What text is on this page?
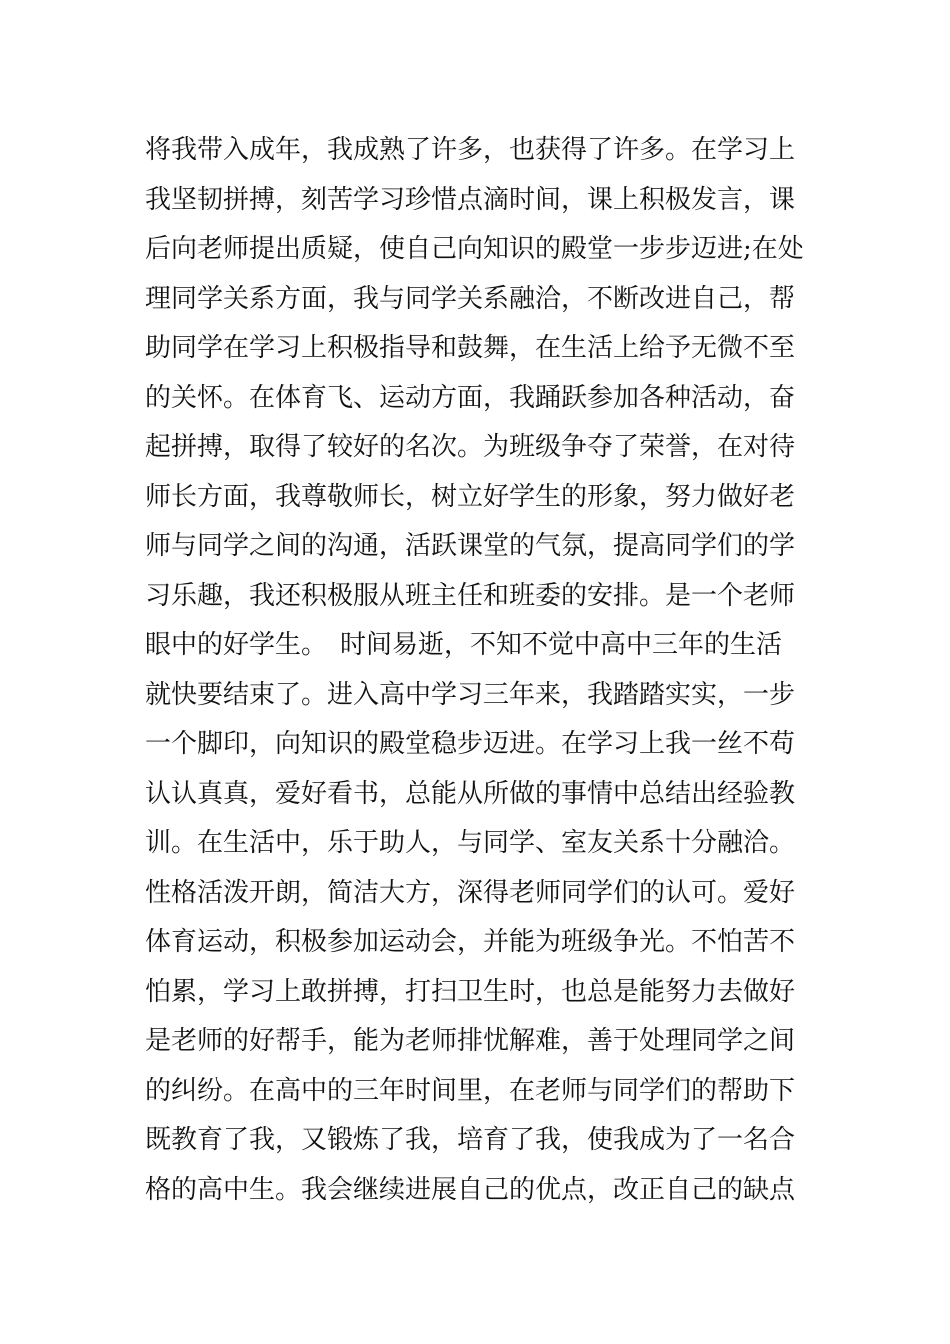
将我带入成年，我成熟了许多，也获得了许多。在学习上
我坚韧拼搏，刻苦学习珍惜点滴时间，课上积极发言，课
后向老师提出质疑，使自己向知识的殿堂一步步迈进;在处
理同学关系方面，我与同学关系融洽，不断改进自己，帮
助同学在学习上积极指导和鼓舞，在生活上给予无微不至
的关怀。在体育飞、运动方面，我踊跃参加各种活动，奋
起拼搏，取得了较好的名次。为班级争夺了荣誉，在对待
师长方面，我尊敬师长，树立好学生的形象，努力做好老
师与同学之间的沟通，活跃课堂的气氛，提高同学们的学
习乐趣，我还积极服从班主任和班委的安排。是一个老师
眼中的好学生。　时间易逝，不知不觉中高中三年的生活
就快要结束了。进入高中学习三年来，我踏踏实实，一步
一个脚印，向知识的殿堂稳步迈进。在学习上我一丝不苟
认认真真，爱好看书，总能从所做的事情中总结出经验教
训。在生活中，乐于助人，与同学、室友关系十分融洽。
性格活泼开朗，简洁大方，深得老师同学们的认可。爱好
体育运动，积极参加运动会，并能为班级争光。不怕苦不
怕累，学习上敢拼搏，打扫卫生时，也总是能努力去做好
是老师的好帮手，能为老师排忧解难，善于处理同学之间
的纠纷。在高中的三年时间里，在老师与同学们的帮助下
既教育了我，又锻炼了我，培育了我，使我成为了一名合
格的高中生。我会继续进展自己的优点，改正自己的缺点
